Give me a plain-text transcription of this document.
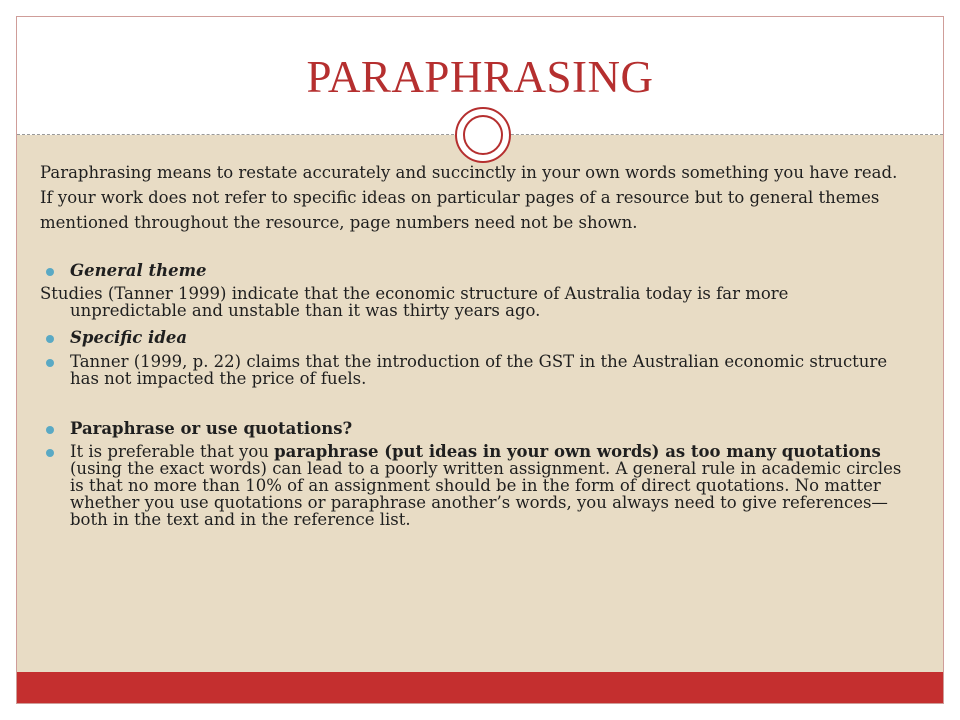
PARAPHRASING

Paraphrasing means to restate accurately and succinctly in your own words something you have read. If your work does not refer to specific ideas on particular pages of a resource but to general themes mentioned throughout the resource, page numbers need not be shown.

General theme
Studies (Tanner 1999) indicate that the economic structure of Australia today is far more unpredictable and unstable than it was thirty years ago.
Specific idea
Tanner (1999, p. 22) claims that the introduction of the GST in the Australian economic structure has not impacted the price of fuels.
Paraphrase or use quotations?
It is preferable that you paraphrase (put ideas in your own words) as too many quotations (using the exact words) can lead to a poorly written assignment. A general rule in academic circles is that no more than 10% of an assignment should be in the form of direct quotations. No matter whether you use quotations or paraphrase another’s words, you always need to give references—both in the text and in the reference list.
